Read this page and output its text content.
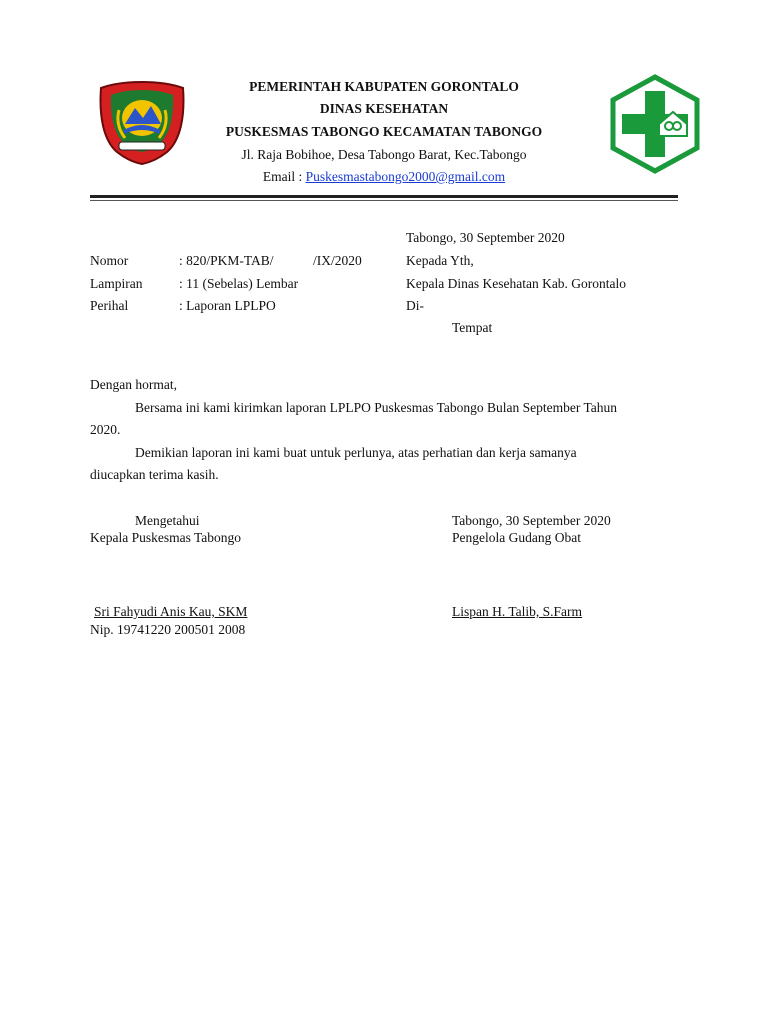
PEMERINTAH KABUPATEN GORONTALO
DINAS KESEHATAN
PUSKESMAS TABONGO KECAMATAN TABONGO
Jl. Raja Bobihoe, Desa Tabongo Barat, Kec.Tabongo
Email : Puskesmastabongo2000@gmail.com
Nomor	: 820/PKM-TAB/	/IX/2020
Lampiran	: 11 (Sebelas) Lembar
Perihal	: Laporan LPLPO
Tabongo, 30 September 2020
Kepada Yth,
Kepala Dinas Kesehatan Kab. Gorontalo
Di-
Tempat
Dengan hormat,
Bersama ini kami kirimkan laporan LPLPO Puskesmas Tabongo Bulan September Tahun
2020.
Demikian laporan ini kami buat untuk perlunya, atas perhatian dan kerja samanya
diucapkan terima kasih.
Mengetahui
Kepala Puskesmas Tabongo
Sri Fahyudi Anis Kau, SKM
Nip. 19741220 200501 2008
Tabongo, 30 September 2020
Pengelola Gudang Obat
Lispan H. Talib, S.Farm
